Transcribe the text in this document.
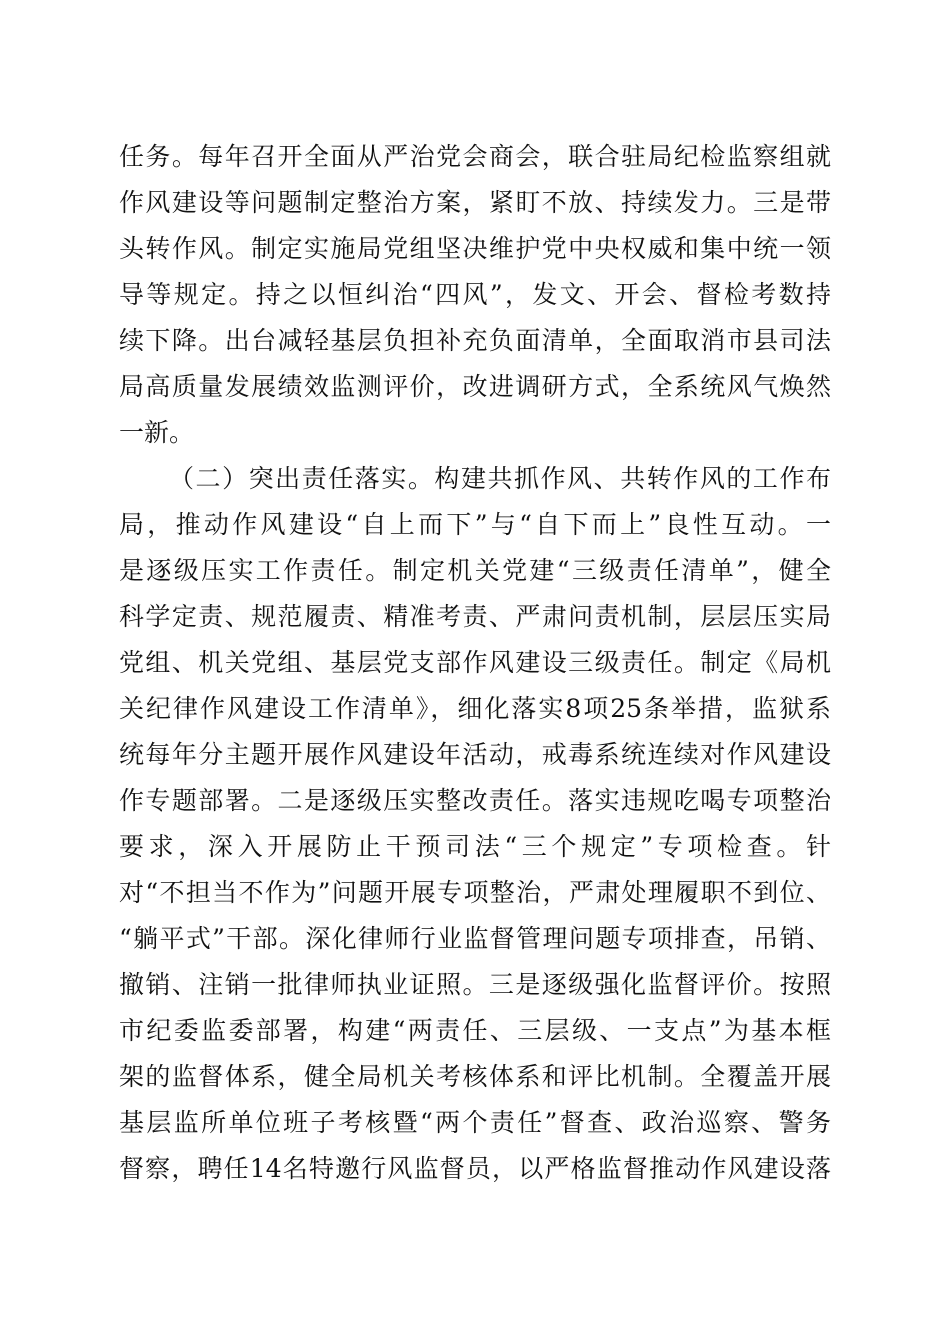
任务。每年召开全面从严治党会商会，联合驻局纪检监察组就
作风建设等问题制定整治方案，紧盯不放、持续发力。三是带
头转作风。制定实施局党组坚决维护党中央权威和集中统一领
导等规定。持之以恒纠治“四风”，发文、开会、督检考数持
续下降。出台减轻基层负担补充负面清单，全面取消市县司法
局高质量发展绩效监测评价，改进调研方式，全系统风气焕然
一新。
（二）突出责任落实。构建共抓作风、共转作风的工作布
局，推动作风建设“自上而下”与“自下而上”良性互动。一
是逐级压实工作责任。制定机关党建“三级责任清单”，健全
科学定责、规范履责、精准考责、严肃问责机制，层层压实局
党组、机关党组、基层党支部作风建设三级责任。制定《局机
关纪律作风建设工作清单》，细化落实8项25条举措，监狱系
统每年分主题开展作风建设年活动，戒毒系统连续对作风建设
作专题部署。二是逐级压实整改责任。落实违规吃喝专项整治
要求，深入开展防止干预司法“三个规定”专项检查。针
对“不担当不作为”问题开展专项整治，严肃处理履职不到位、
“躺平式”干部。深化律师行业监督管理问题专项排查，吊销、
撤销、注销一批律师执业证照。三是逐级强化监督评价。按照
市纪委监委部署，构建“两责任、三层级、一支点”为基本框
架的监督体系，健全局机关考核体系和评比机制。全覆盖开展
基层监所单位班子考核暨“两个责任”督查、政治巡察、警务
督察，聘任14名特邀行风监督员，以严格监督推动作风建设落
